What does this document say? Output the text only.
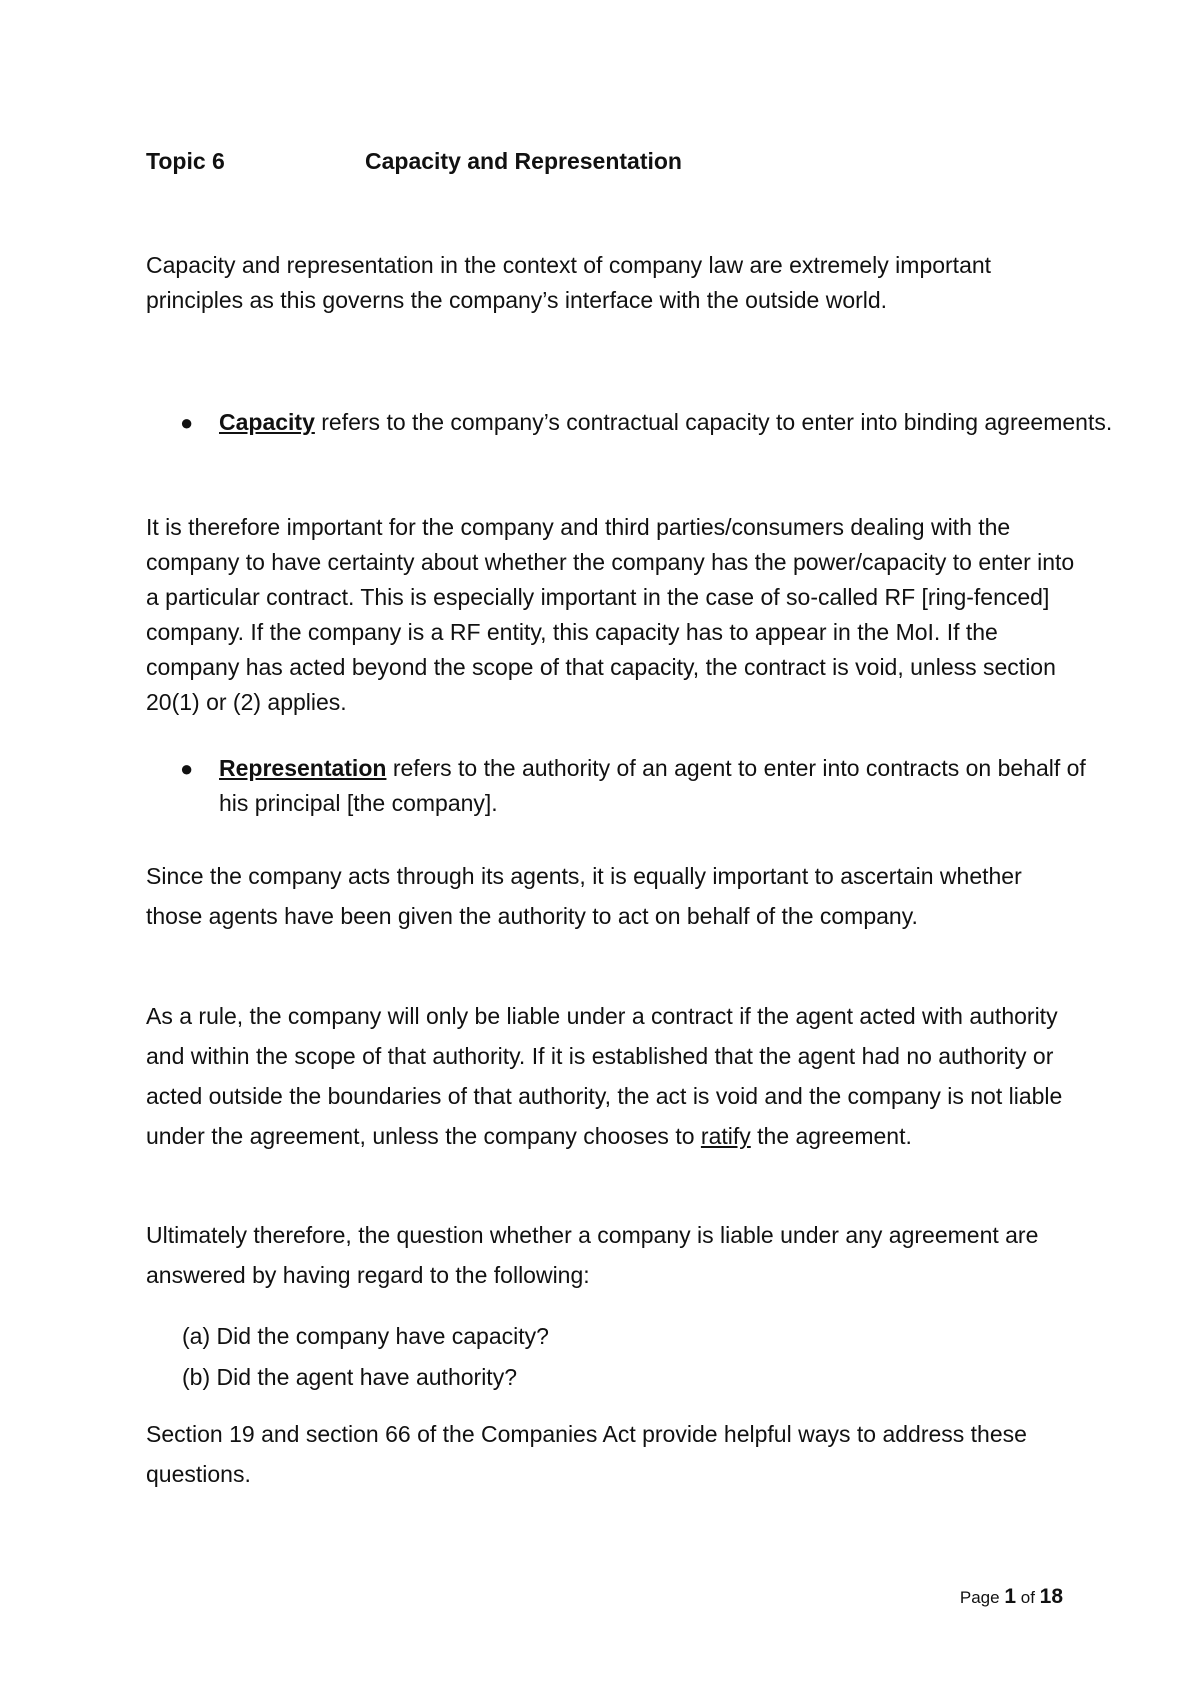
Topic 6	Capacity and Representation

Capacity and representation in the context of company law are extremely important principles as this governs the company’s interface with the outside world.

● Capacity refers to the company’s contractual capacity to enter into binding agreements.

It is therefore important for the company and third parties/consumers dealing with the company to have certainty about whether the company has the power/capacity to enter into a particular contract. This is especially important in the case of so-called RF [ring-fenced] company. If the company is a RF entity, this capacity has to appear in the MoI. If the company has acted beyond the scope of that capacity, the contract is void, unless section 20(1) or (2) applies.

● Representation refers to the authority of an agent to enter into contracts on behalf of his principal [the company].

Since the company acts through its agents, it is equally important to ascertain whether those agents have been given the authority to act on behalf of the company.

As a rule, the company will only be liable under a contract if the agent acted with authority and within the scope of that authority. If it is established that the agent had no authority or acted outside the boundaries of that authority, the act is void and the company is not liable under the agreement, unless the company chooses to ratify the agreement.

Ultimately therefore, the question whether a company is liable under any agreement are answered by having regard to the following:

(a) Did the company have capacity?
(b) Did the agent have authority?

Section 19 and section 66 of the Companies Act provide helpful ways to address these questions.

Page 1 of 18
